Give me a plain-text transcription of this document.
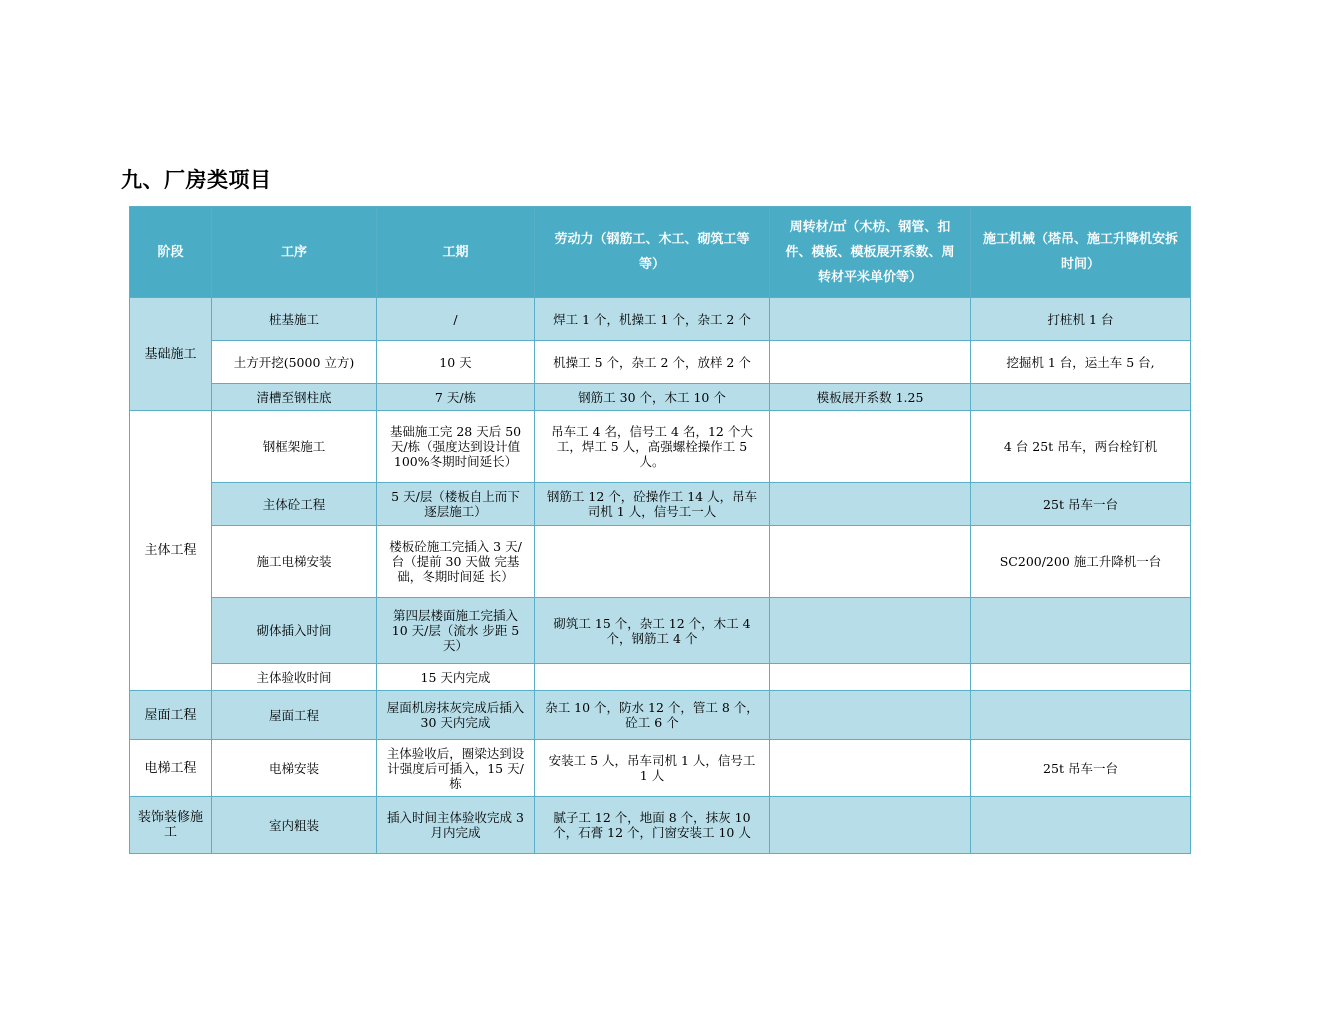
九、厂房类项目
阶段	工序	工期	劳动力（钢筋工、木工、砌筑工等等）	周转材/㎡（木枋、钢管、扣件、模板、模板展开系数、周转材平米单价等）	施工机械（塔吊、施工升降机安拆时间）
基础施工	桩基施工	/	焊工 1 个，机操工 1 个，杂工 2 个		打桩机 1 台
	土方开挖(5000 立方)	10 天	机操工 5 个，杂工 2 个，放样 2 个		挖掘机 1 台，运土车 5 台,
	清槽至钢柱底	7 天/栋	钢筋工 30 个，木工 10 个	模板展开系数 1.25	
主体工程	钢框架施工	基础施工完 28 天后 50 天/栋（强度达到设计值 100%冬期时间延长）	吊车工 4 名，信号工 4 名，12 个大工，焊工 5 人，高强螺栓操作工 5 人。		4 台 25t 吊车，两台栓钉机
	主体砼工程	5 天/层（楼板自上而下逐层施工）	钢筋工 12 个，砼操作工 14 人，吊车司机 1 人，信号工一人		25t 吊车一台
	施工电梯安装	楼板砼施工完插入 3 天/台（提前 30 天做 完基础，冬期时间延 长）			SC200/200 施工升降机一台
	砌体插入时间	第四层楼面施工完插入 10 天/层（流水 步距 5 天）	砌筑工 15 个，杂工 12 个，木工 4 个，钢筋工 4 个		
	主体验收时间	15 天内完成			
屋面工程	屋面工程	屋面机房抹灰完成后插入 30 天内完成	杂工 10 个，防水 12 个，管工 8 个，砼工 6 个		
电梯工程	电梯安装	主体验收后，圈梁达到设计强度后可插入，15 天/栋	安装工 5 人，吊车司机 1 人，信号工 1 人		25t 吊车一台
装饰装修施工	室内粗装	插入时间主体验收完成 3 月内完成	腻子工 12 个，地面 8 个，抹灰 10 个，石膏 12 个，门窗安装工 10 人		
